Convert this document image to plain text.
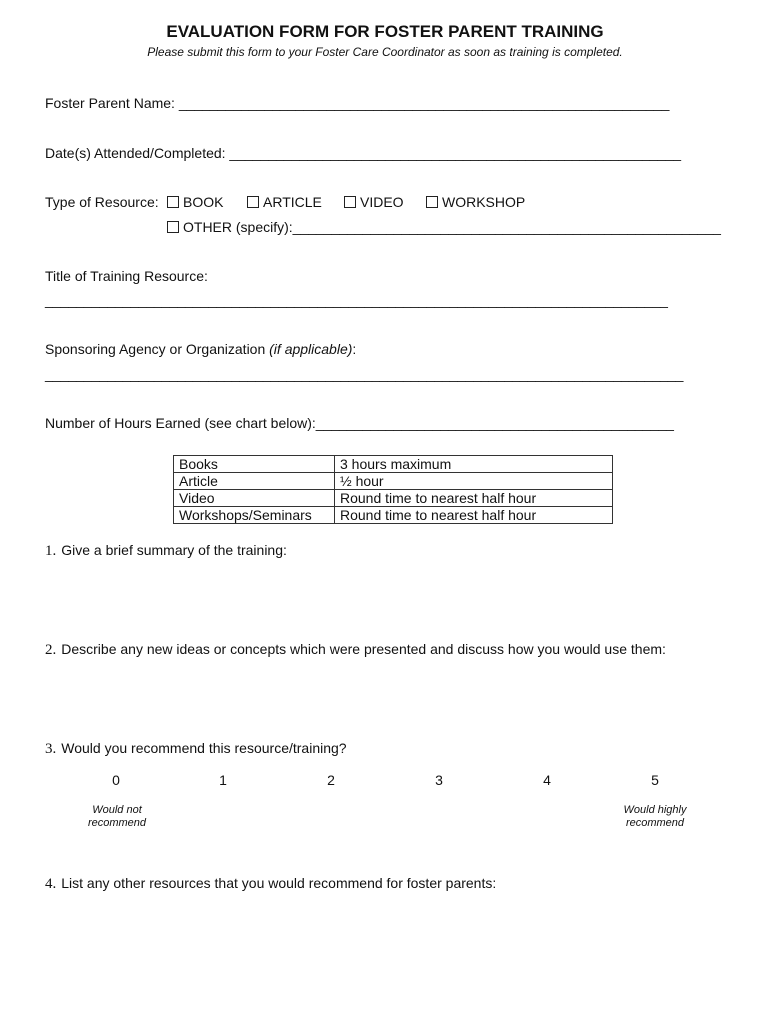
EVALUATION FORM FOR FOSTER PARENT TRAINING
Please submit this form to your Foster Care Coordinator as soon as training is completed.
Foster Parent Name: _______________________________________________________________
Date(s) Attended/Completed: __________________________________________________________
Type of Resource:	BOOK	ARTICLE	VIDEO	WORKSHOP
OTHER (specify):_______________________________________________________
Title of Training Resource:
________________________________________________________________________________
Sponsoring Agency or Organization (if applicable):
__________________________________________________________________________________
Number of Hours Earned (see chart below):______________________________________________
Books	3 hours maximum
Article	½ hour
Video	Round time to nearest half hour
Workshops/Seminars	Round time to nearest half hour
1. Give a brief summary of the training:
2. Describe any new ideas or concepts which were presented and discuss how you would use them:
3. Would you recommend this resource/training?
0	1	2	3	4	5
Would not
recommend
Would highly
recommend
4. List any other resources that you would recommend for foster parents:
